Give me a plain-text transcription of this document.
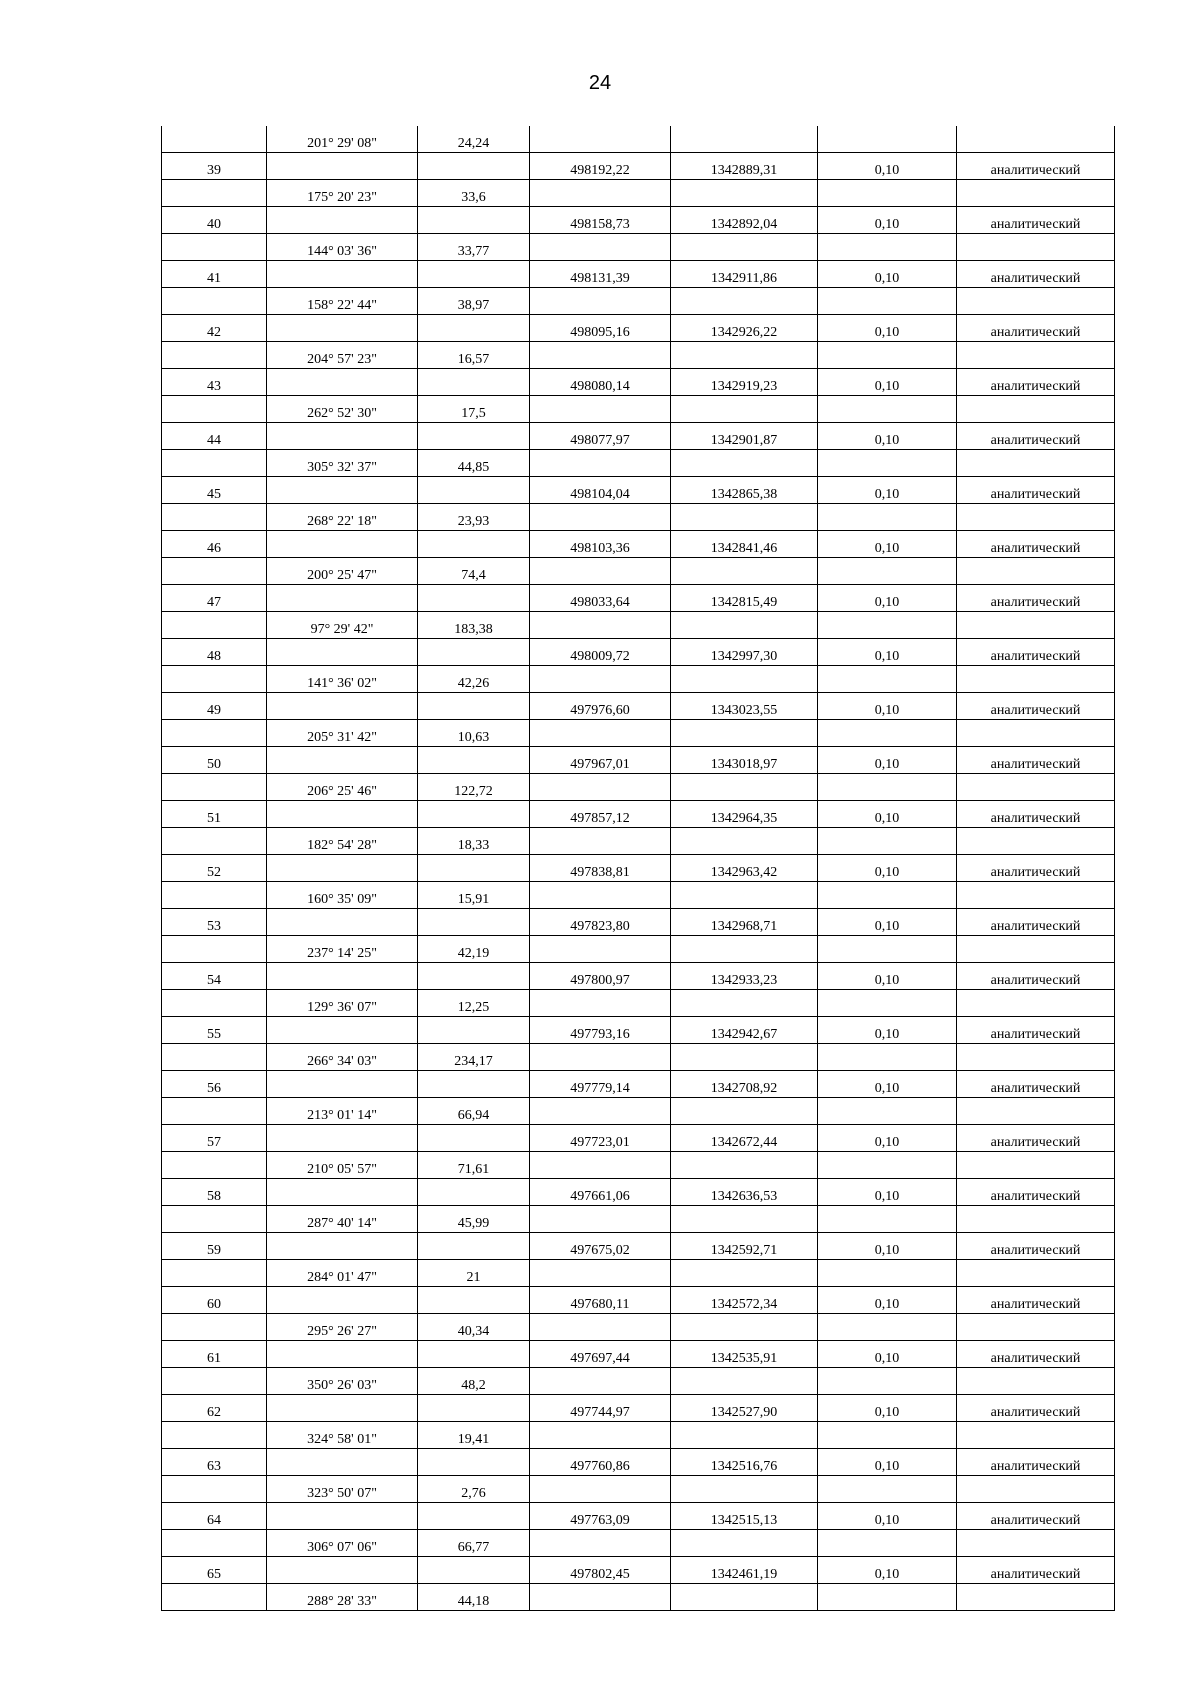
24
	201° 29' 08"	24,24				
39			498192,22	1342889,31	0,10	аналитический
	175° 20' 23"	33,6				
40			498158,73	1342892,04	0,10	аналитический
	144° 03' 36"	33,77				
41			498131,39	1342911,86	0,10	аналитический
	158° 22' 44"	38,97				
42			498095,16	1342926,22	0,10	аналитический
	204° 57' 23"	16,57				
43			498080,14	1342919,23	0,10	аналитический
	262° 52' 30"	17,5				
44			498077,97	1342901,87	0,10	аналитический
	305° 32' 37"	44,85				
45			498104,04	1342865,38	0,10	аналитический
	268° 22' 18"	23,93				
46			498103,36	1342841,46	0,10	аналитический
	200° 25' 47"	74,4				
47			498033,64	1342815,49	0,10	аналитический
	97° 29' 42"	183,38				
48			498009,72	1342997,30	0,10	аналитический
	141° 36' 02"	42,26				
49			497976,60	1343023,55	0,10	аналитический
	205° 31' 42"	10,63				
50			497967,01	1343018,97	0,10	аналитический
	206° 25' 46"	122,72				
51			497857,12	1342964,35	0,10	аналитический
	182° 54' 28"	18,33				
52			497838,81	1342963,42	0,10	аналитический
	160° 35' 09"	15,91				
53			497823,80	1342968,71	0,10	аналитический
	237° 14' 25"	42,19				
54			497800,97	1342933,23	0,10	аналитический
	129° 36' 07"	12,25				
55			497793,16	1342942,67	0,10	аналитический
	266° 34' 03"	234,17				
56			497779,14	1342708,92	0,10	аналитический
	213° 01' 14"	66,94				
57			497723,01	1342672,44	0,10	аналитический
	210° 05' 57"	71,61				
58			497661,06	1342636,53	0,10	аналитический
	287° 40' 14"	45,99				
59			497675,02	1342592,71	0,10	аналитический
	284° 01' 47"	21				
60			497680,11	1342572,34	0,10	аналитический
	295° 26' 27"	40,34				
61			497697,44	1342535,91	0,10	аналитический
	350° 26' 03"	48,2				
62			497744,97	1342527,90	0,10	аналитический
	324° 58' 01"	19,41				
63			497760,86	1342516,76	0,10	аналитический
	323° 50' 07"	2,76				
64			497763,09	1342515,13	0,10	аналитический
	306° 07' 06"	66,77				
65			497802,45	1342461,19	0,10	аналитический
	288° 28' 33"	44,18				
